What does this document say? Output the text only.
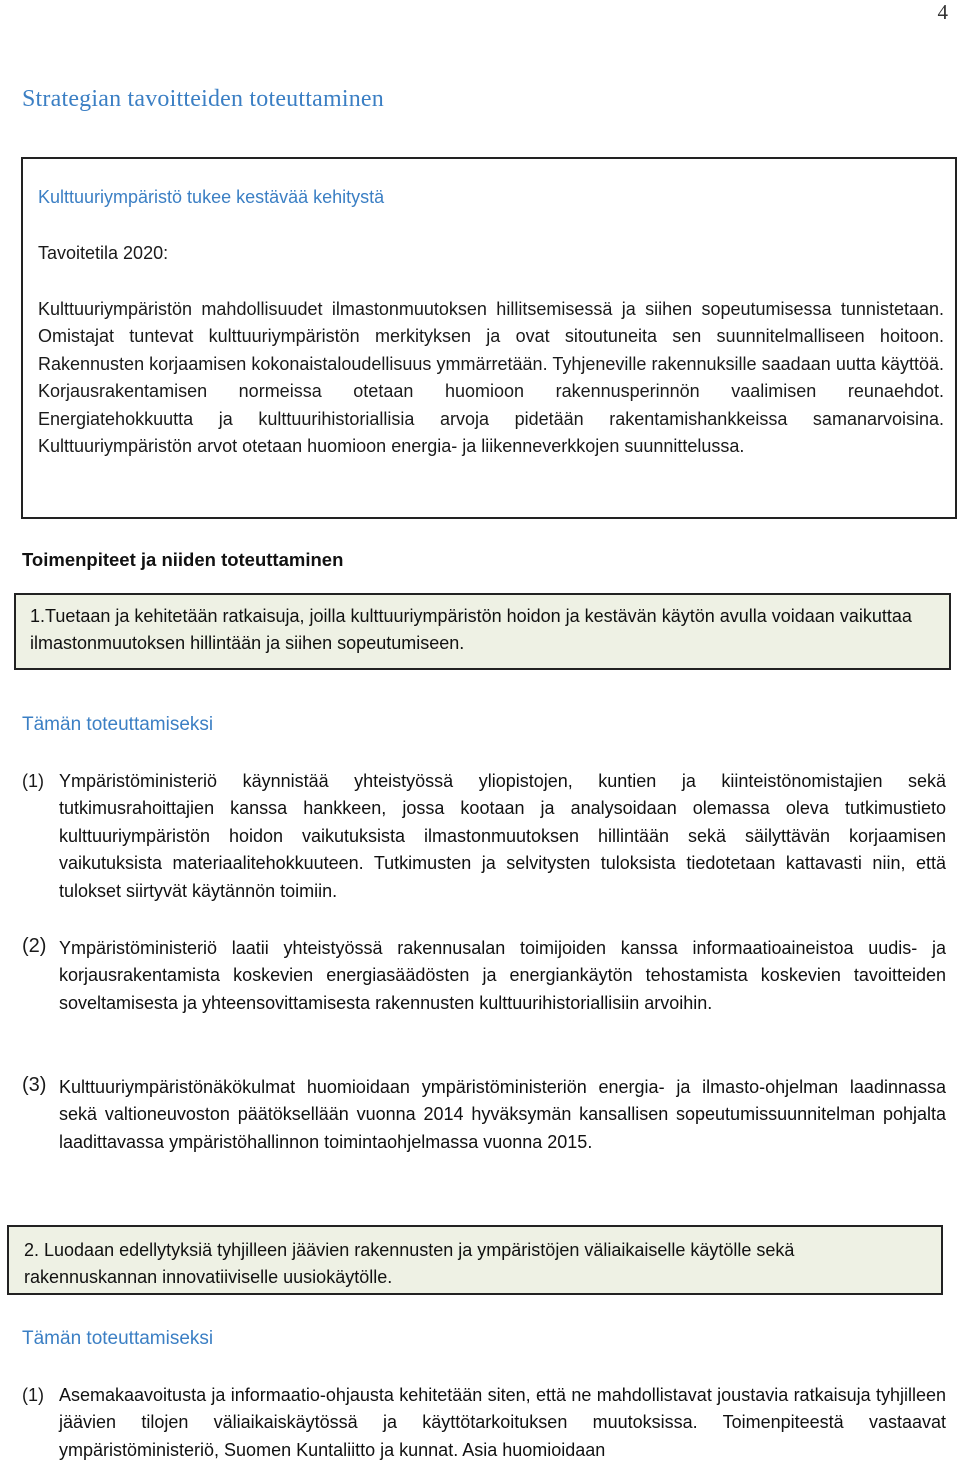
4
Strategian tavoitteiden toteuttaminen
Kulttuuriympäristö tukee kestävää kehitystä
Tavoitetila 2020:

Kulttuuriympäristön mahdollisuudet ilmastonmuutoksen hillitsemisessä ja siihen sopeutumisessa tunnistetaan. Omistajat tuntevat kulttuuriympäristön merkityksen ja ovat sitoutuneita sen suunnitelmalliseen hoitoon. Rakennusten korjaamisen kokonaistaloudellisuus ymmärretään. Tyhjeneville rakennuksille saadaan uutta käyttöä. Korjausrakentamisen normeissa otetaan huomioon rakennusperinnön vaalimisen reunaehdot. Energiatehokkuutta ja kulttuurihistoriallisia arvoja pidetään rakentamishankkeissa samanarvoisina. Kulttuuriympäristön arvot otetaan huomioon energia- ja liikenneverkkojen suunnittelussa.

Toimenpiteet ja niiden toteuttaminen

1.Tuetaan ja kehitetään ratkaisuja, joilla kulttuuriympäristön hoidon ja kestävän käytön avulla voidaan vaikuttaa ilmastonmuutoksen hillintään ja siihen sopeutumiseen.

Tämän toteuttamiseksi
(1) Ympäristöministeriö käynnistää yhteistyössä yliopistojen, kuntien ja kiinteistönomistajien sekä tutkimusrahoittajien kanssa hankkeen, jossa kootaan ja analysoidaan olemassa oleva tutkimustieto kulttuuriympäristön hoidon vaikutuksista ilmastonmuutoksen hillintään sekä säilyttävän korjaamisen vaikutuksista materiaalitehokkuuteen. Tutkimusten ja selvitysten tuloksista tiedotetaan kattavasti niin, että tulokset siirtyvät käytännön toimiin.

(2) Ympäristöministeriö laatii yhteistyössä rakennusalan toimijoiden kanssa informaatioaineistoa uudis- ja korjausrakentamista koskevien energiasäädösten ja energiankäytön tehostamista koskevien tavoitteiden soveltamisesta ja yhteensovittamisesta rakennusten kulttuurihistoriallisiin arvoihin.

(3) Kulttuuriympäristönäkökulmat huomioidaan ympäristöministeriön energia- ja ilmasto-ohjelman laadinnassa sekä valtioneuvoston päätöksellään vuonna 2014 hyväksymän kansallisen sopeutumissuunnitelman pohjalta laadittavassa ympäristöhallinnon toimintaohjelmassa vuonna 2015.

2. Luodaan edellytyksiä tyhjilleen jäävien rakennusten ja ympäristöjen väliaikaiselle käytölle sekä rakennuskannan innovatiiviselle uusiokäytölle.

Tämän toteuttamiseksi
(1) Asemakaavoitusta ja informaatio-ohjausta kehitetään siten, että ne mahdollistavat joustavia ratkaisuja tyhjilleen jäävien tilojen väliaikaiskäytössä ja käyttötarkoituksen muutoksissa. Toimenpiteestä vastaavat ympäristöministeriö, Suomen Kuntaliitto ja kunnat. Asia huomioidaan
